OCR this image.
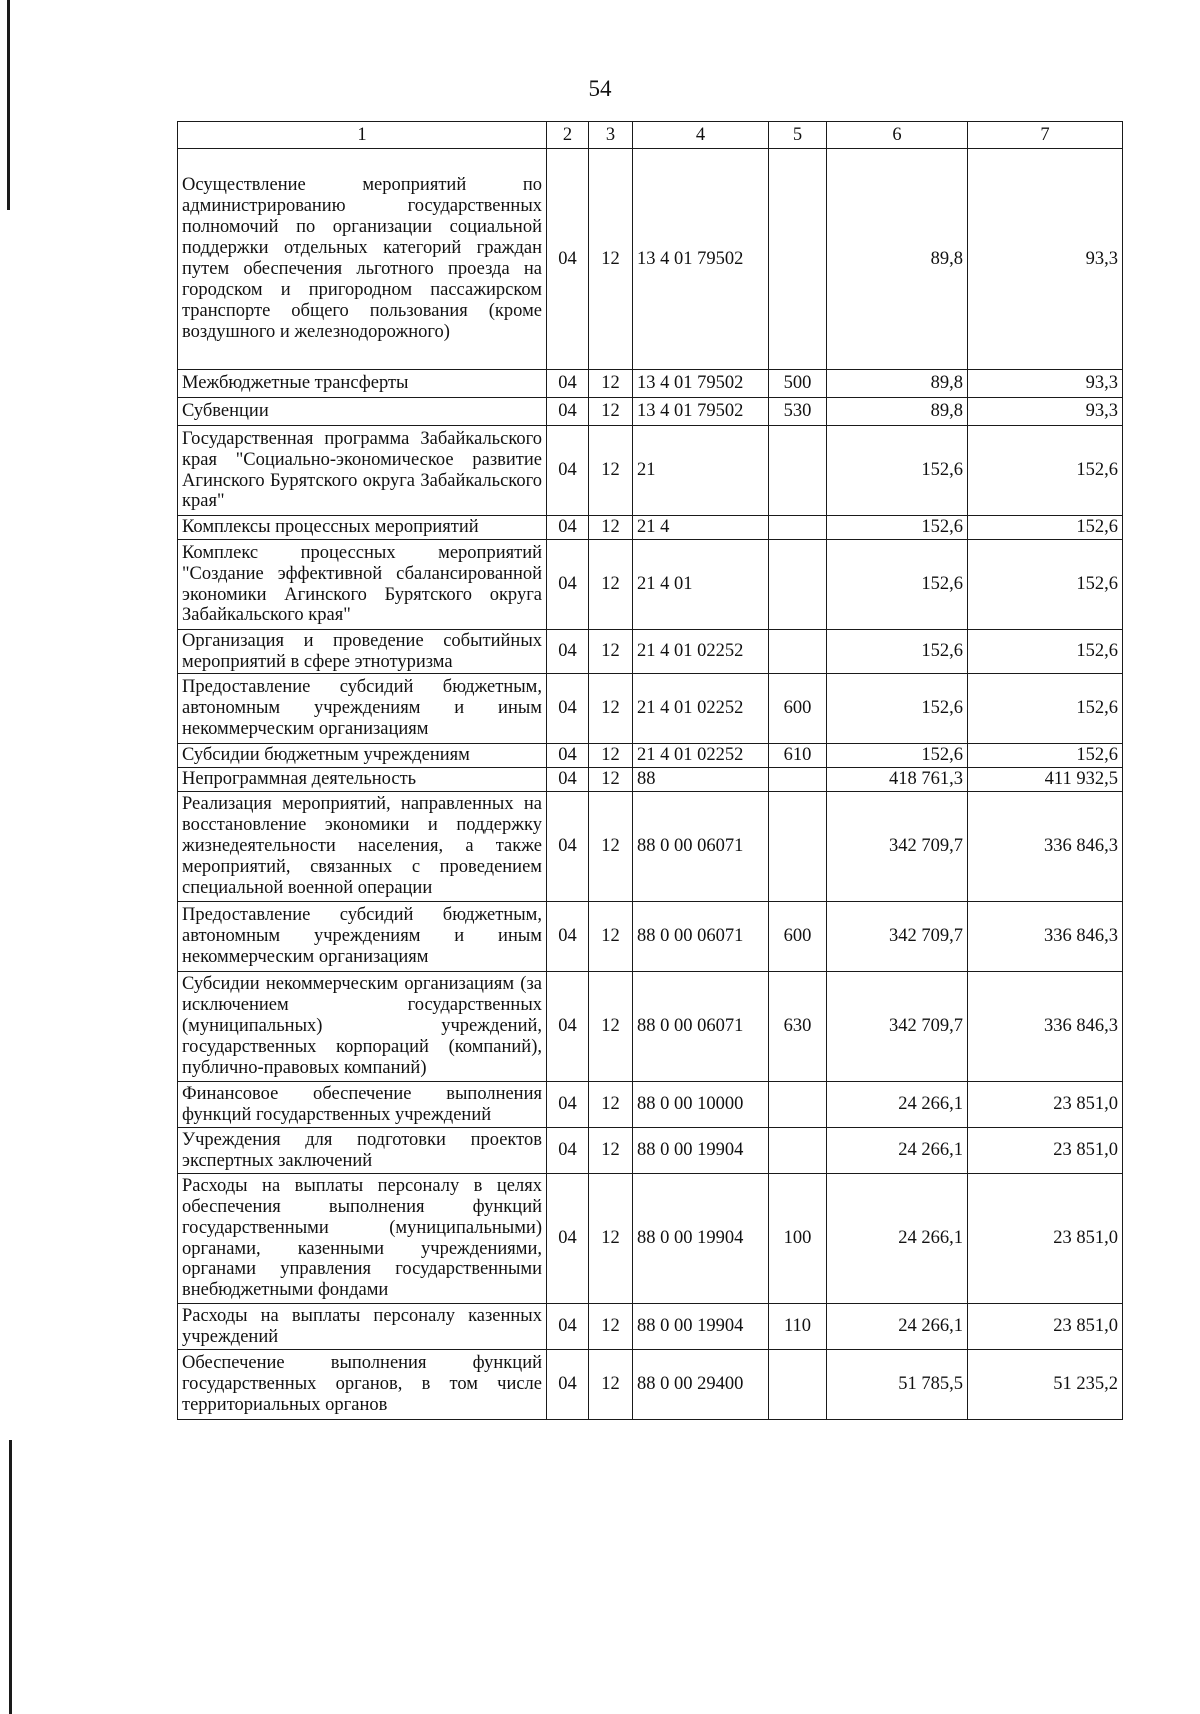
54
1	2	3	4	5	6	7
Осуществление мероприятий по администрированию государственных полномочий по организации социальной поддержки отдельных категорий граждан путем обеспечения льготного проезда на городском и пригородном пассажирском транспорте общего пользования (кроме воздушного и железнодорожного)	04	12	13 4 01 79502		89,8	93,3
Межбюджетные трансферты	04	12	13 4 01 79502	500	89,8	93,3
Субвенции	04	12	13 4 01 79502	530	89,8	93,3
Государственная программа Забайкальского края "Социально-экономическое развитие Агинского Бурятского округа Забайкальского края"	04	12	21		152,6	152,6
Комплексы процессных мероприятий	04	12	21 4		152,6	152,6
Комплекс процессных мероприятий "Создание эффективной сбалансированной экономики Агинского Бурятского округа Забайкальского края"	04	12	21 4 01		152,6	152,6
Организация и проведение событийных мероприятий в сфере этнотуризма	04	12	21 4 01 02252		152,6	152,6
Предоставление субсидий бюджетным, автономным учреждениям и иным некоммерческим организациям	04	12	21 4 01 02252	600	152,6	152,6
Субсидии бюджетным учреждениям	04	12	21 4 01 02252	610	152,6	152,6
Непрограммная деятельность	04	12	88		418 761,3	411 932,5
Реализация мероприятий, направленных на восстановление экономики и поддержку жизнедеятельности населения, а также мероприятий, связанных с проведением специальной военной операции	04	12	88 0 00 06071		342 709,7	336 846,3
Предоставление субсидий бюджетным, автономным учреждениям и иным некоммерческим организациям	04	12	88 0 00 06071	600	342 709,7	336 846,3
Субсидии некоммерческим организациям (за исключением государственных (муниципальных) учреждений, государственных корпораций (компаний), публично-правовых компаний)	04	12	88 0 00 06071	630	342 709,7	336 846,3
Финансовое обеспечение выполнения функций государственных учреждений	04	12	88 0 00 10000		24 266,1	23 851,0
Учреждения для подготовки проектов экспертных заключений	04	12	88 0 00 19904		24 266,1	23 851,0
Расходы на выплаты персоналу в целях обеспечения выполнения функций государственными (муниципальными) органами, казенными учреждениями, органами управления государственными внебюджетными фондами	04	12	88 0 00 19904	100	24 266,1	23 851,0
Расходы на выплаты персоналу казенных учреждений	04	12	88 0 00 19904	110	24 266,1	23 851,0
Обеспечение выполнения функций государственных органов, в том числе территориальных органов	04	12	88 0 00 29400		51 785,5	51 235,2
